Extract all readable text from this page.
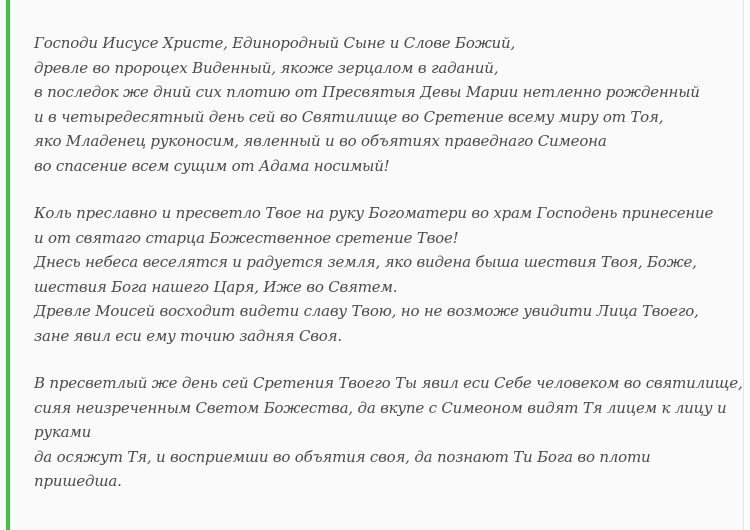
Господи Иисусе Христе, Единородный Сыне и Слове Божий,
древле во пророцех Виденный, якоже зерцалом в гаданий,
в последок же дний сих плотию от Пресвятыя Девы Марии нетленно рожденный
и в четыредесятный день сей во Святилище во Сретение всему миру от Тоя,
яко Младенец руконосим, явленный и во объятиях праведнаго Симеона
во спасение всем сущим от Адама носимый!
Коль преславно и пресветло Твое на руку Богоматери во храм Господень принесение
и от святаго старца Божественное сретение Твое!
Днесь небеса веселятся и радуется земля, яко видена быша шествия Твоя, Боже,
шествия Бога нашего Царя, Иже во Святем.
Древле Моисей восходит видети славу Твою, но не возможе увидити Лица Твоего,
зане явил еси ему точию задняя Своя.
В пресветлый же день сей Сретения Твоего Ты явил еси Себе человеком во святилище,
сияя неизреченным Светом Божества, да вкупе с Симеоном видят Тя лицем к лицу и
руками
да осяжут Тя, и восприемши во объятия своя, да познают Ти Бога во плоти
пришедша.
